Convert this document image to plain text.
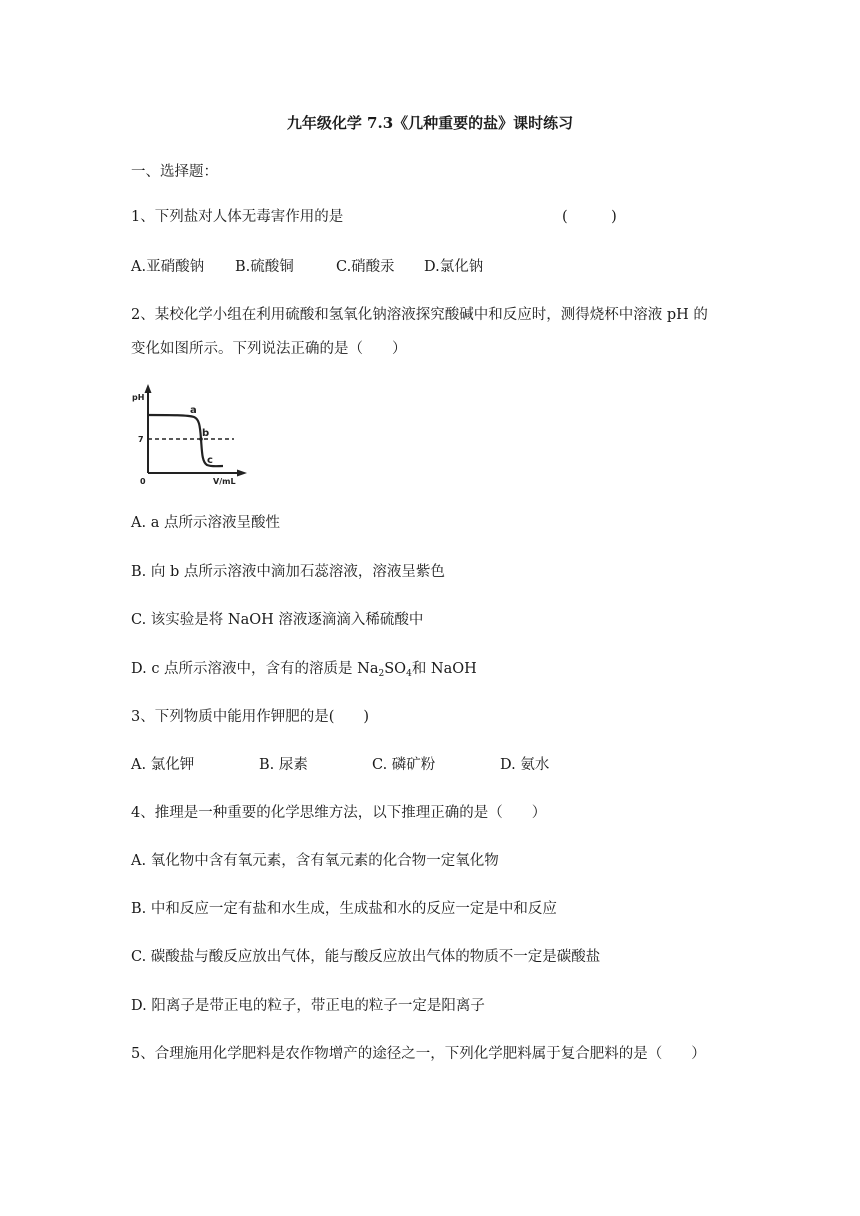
九年级化学 7.3《几种重要的盐》课时练习
一、选择题：
1、下列盐对人体无毒害作用的是	(　　　)
A.亚硝酸钠 B.硫酸铜	C.硝酸汞 D.氯化钠
2、某校化学小组在利用硫酸和氢氧化钠溶液探究酸碱中和反应时，测得烧杯中溶液 pH 的
变化如图所示。下列说法正确的是（　　）
pH
7
0	V/mL
a
b
c
A. a 点所示溶液呈酸性
B. 向 b 点所示溶液中滴加石蕊溶液，溶液呈紫色
C. 该实验是将 NaOH 溶液逐滴滴入稀硫酸中
D. c 点所示溶液中，含有的溶质是 $Na_2SO_4$和 NaOH
3、下列物质中能用作钾肥的是(　　)
A. 氯化钾	B. 尿素	C. 磷矿粉	D. 氨水
4、推理是一种重要的化学思维方法，以下推理正确的是（　　）
A. 氧化物中含有氧元素，含有氧元素的化合物一定氧化物
B. 中和反应一定有盐和水生成，生成盐和水的反应一定是中和反应
C. 碳酸盐与酸反应放出气体，能与酸反应放出气体的物质不一定是碳酸盐
D. 阳离子是带正电的粒子，带正电的粒子一定是阳离子
5、合理施用化学肥料是农作物增产的途径之一，下列化学肥料属于复合肥料的是（　　）
